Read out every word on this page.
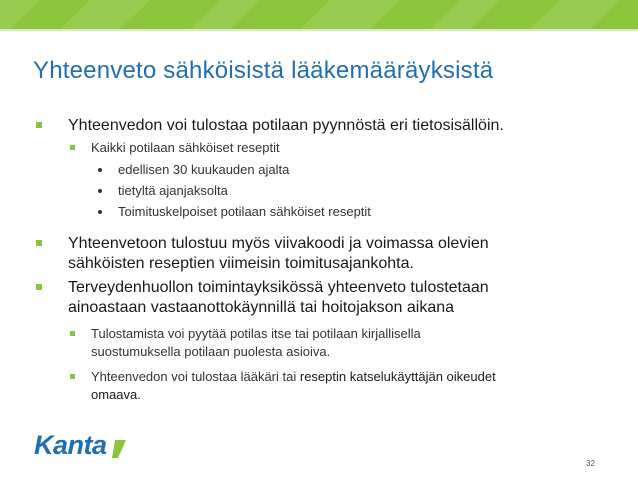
Yhteenveto sähköisistä lääkemääräyksistä
Yhteenvedon voi tulostaa potilaan pyynnöstä eri tietosisällöin.
Kaikki potilaan sähköiset reseptit
edellisen 30 kuukauden ajalta
tietyltä ajanjaksolta
Toimituskelpoiset potilaan sähköiset reseptit
Yhteenvetoon tulostuu myös viivakoodi ja voimassa olevien
sähköisten reseptien viimeisin toimitusajankohta.
Terveydenhuollon toimintayksikössä yhteenveto tulostetaan
ainoastaan vastaanottokäynnillä tai hoitojakson aikana
Tulostamista voi pyytää potilas itse tai potilaan kirjallisella
suostumuksella potilaan puolesta asioiva.
Yhteenvedon voi tulostaa lääkäri tai reseptin katselukäyttäjän oikeudet
omaava.
Kanta
32
